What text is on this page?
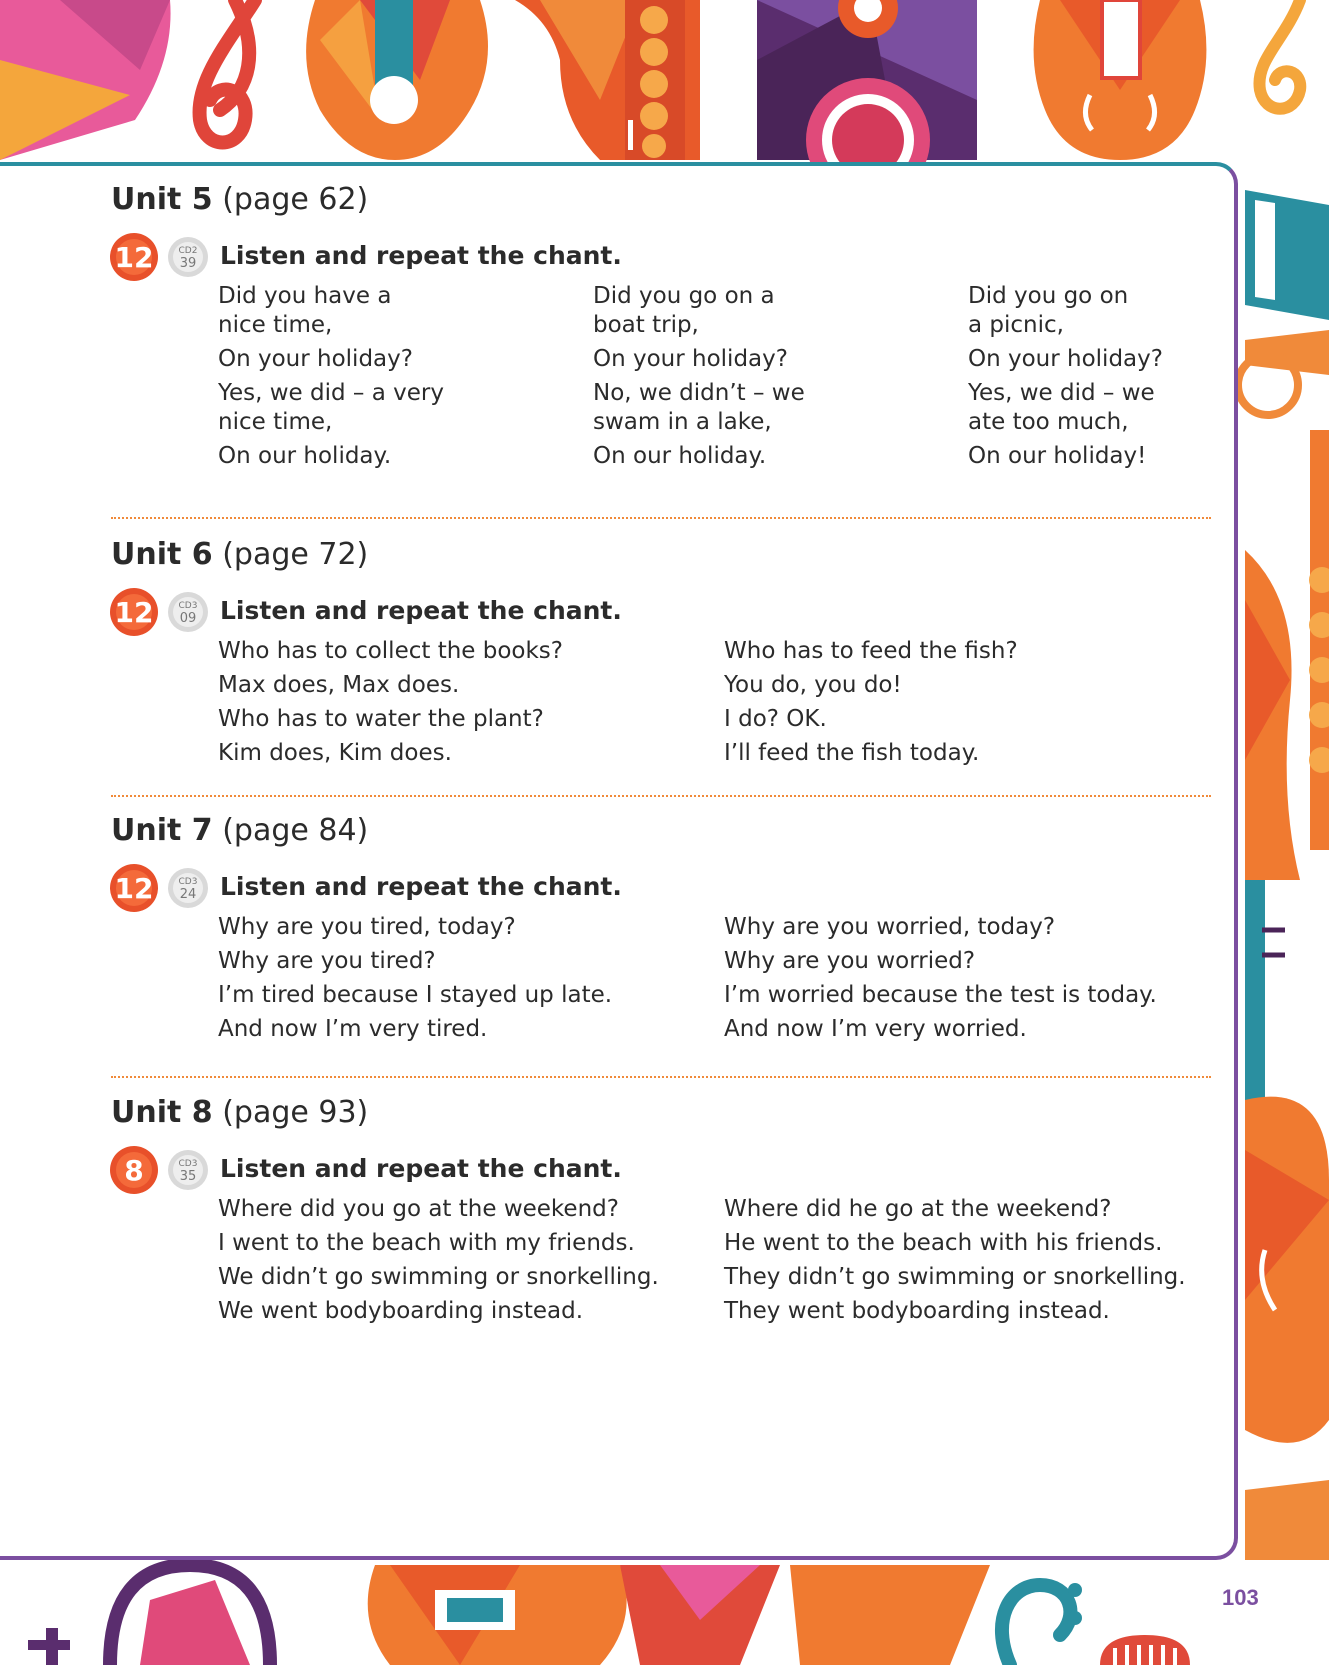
Unit 5 (page 62)
12	CD2
39 Listen and repeat the chant.

Did you have a
nice time,

On your holiday?

Yes, we did – a very
nice time,

On our holiday.

Did you go on a
boat trip,

On your holiday?

No, we didn’t – we
swam in a lake,

On our holiday.

Did you go on
a picnic,

On your holiday?

Yes, we did – we
ate too much,

On our holiday!

Unit 6 (page 72)
12	CD3
09 Listen and repeat the chant.

Who has to collect the books?

Max does, Max does.

Who has to water the plant?

Kim does, Kim does.

Who has to feed the fish?

You do, you do!

I do? OK.

I’ll feed the fish today.

Unit 7 (page 84)
12	CD3
24 Listen and repeat the chant.

Why are you tired, today?

Why are you tired?

I’m tired because I stayed up late.

And now I’m very tired.

Why are you worried, today?

Why are you worried?

I’m worried because the test is today.

And now I’m very worried.

Unit 8 (page 93)
8	CD3
35 Listen and repeat the chant.

Where did you go at the weekend?

I went to the beach with my friends.

We didn’t go swimming or snorkelling.

We went bodyboarding instead.

Where did he go at the weekend?

He went to the beach with his friends.

They didn’t go swimming or snorkelling.

They went bodyboarding instead.

103
